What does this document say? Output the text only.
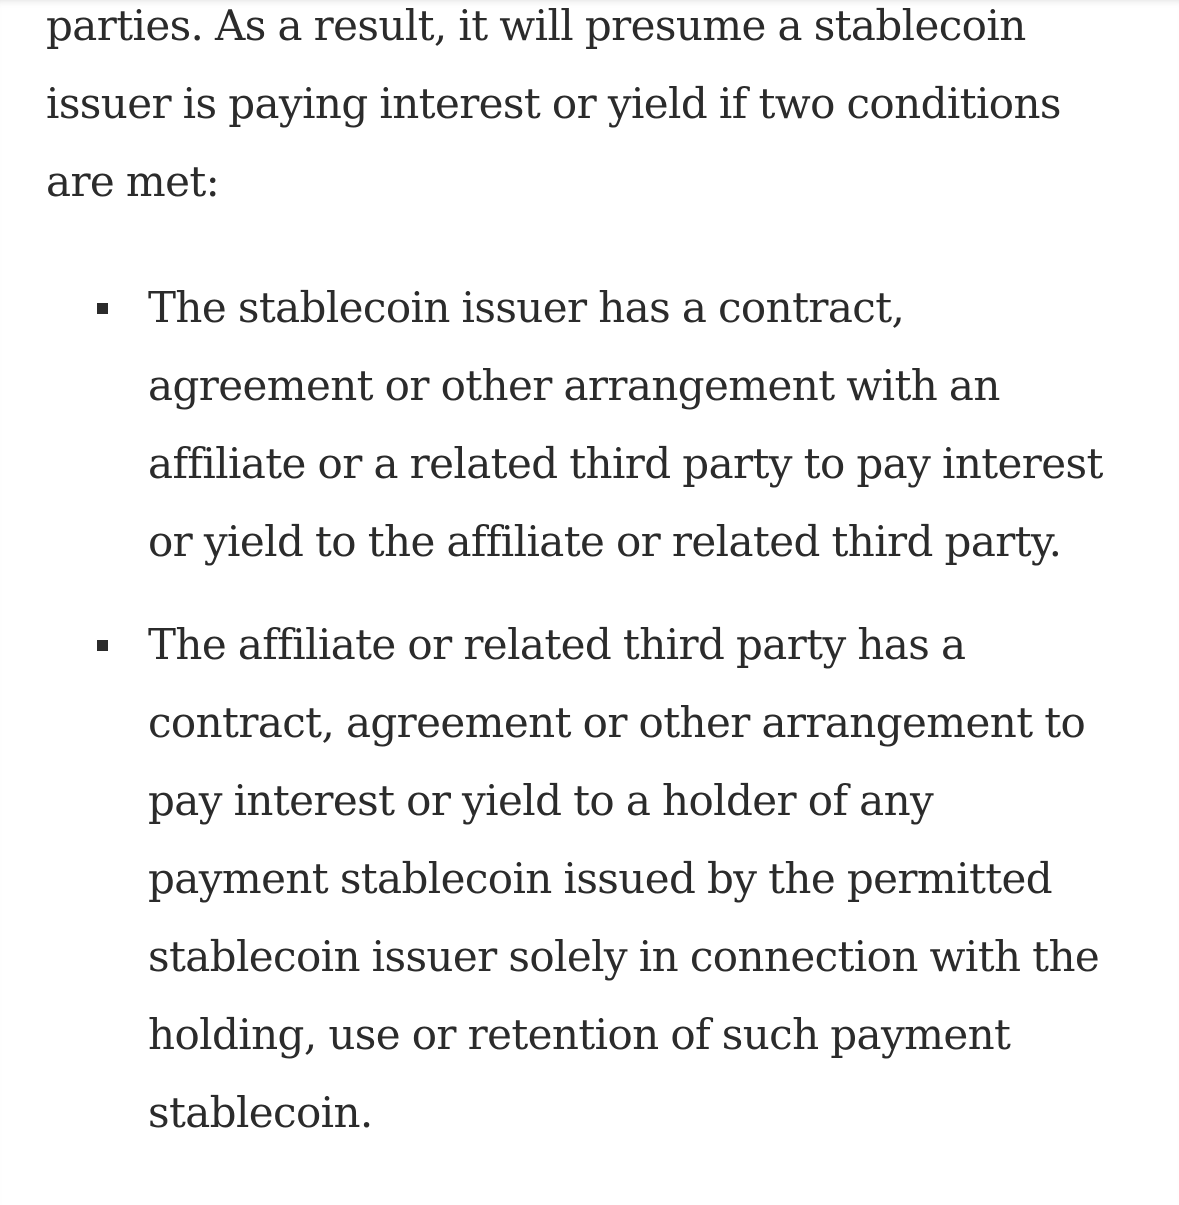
parties. As a result, it will presume a stablecoin
issuer is paying interest or yield if two conditions
are met:

The stablecoin issuer has a contract,
agreement or other arrangement with an
affiliate or a related third party to pay interest
or yield to the affiliate or related third party.
The affiliate or related third party has a
contract, agreement or other arrangement to
pay interest or yield to a holder of any
payment stablecoin issued by the permitted
stablecoin issuer solely in connection with the
holding, use or retention of such payment
stablecoin.
